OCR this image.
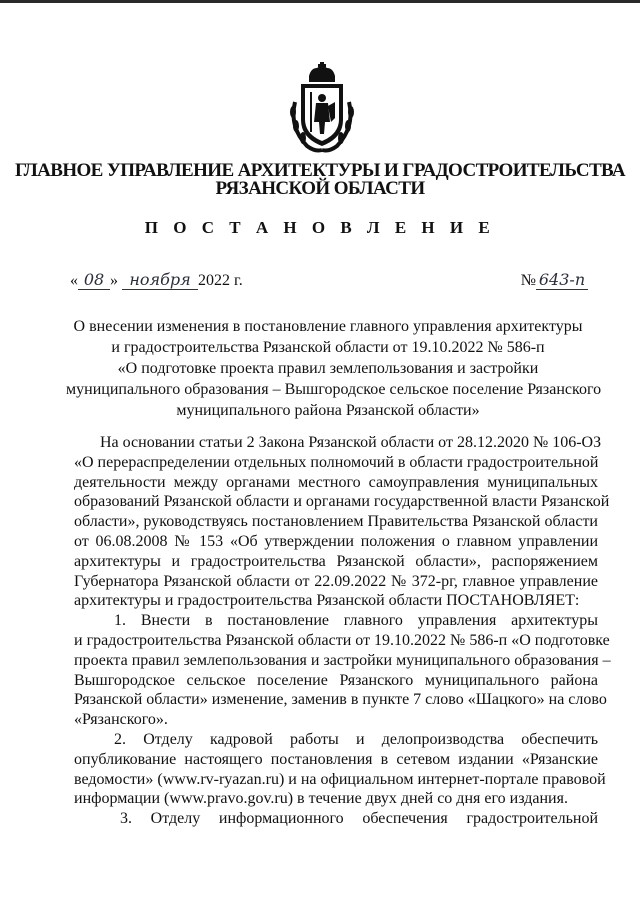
ГЛАВНОЕ УПРАВЛЕНИЕ АРХИТЕКТУРЫ И ГРАДОСТРОИТЕЛЬСТВА
РЯЗАНСКОЙ ОБЛАСТИ
П О С Т А Н О В Л Е Н И Е
« 08 » ноября 2022 г.	№ 643-п
О внесении изменения в постановление главного управления архитектуры
и градостроительства Рязанской области от 19.10.2022 № 586-п
«О подготовке проекта правил землепользования и застройки
муниципального образования – Вышгородское сельское поселение Рязанского
муниципального района Рязанской области»
На основании статьи 2 Закона Рязанской области от 28.12.2020 № 106-ОЗ
«О перераспределении отдельных полномочий в области градостроительной
деятельности между органами местного самоуправления муниципальных
образований Рязанской области и органами государственной власти Рязанской
области», руководствуясь постановлением Правительства Рязанской области
от 06.08.2008 № 153 «Об утверждении положения о главном управлении
архитектуры и градостроительства Рязанской области», распоряжением
Губернатора Рязанской области от 22.09.2022 № 372-рг, главное управление
архитектуры и градостроительства Рязанской области ПОСТАНОВЛЯЕТ:
1. Внести в постановление главного управления архитектуры
и градостроительства Рязанской области от 19.10.2022 № 586-п «О подготовке
проекта правил землепользования и застройки муниципального образования –
Вышгородское сельское поселение Рязанского муниципального района
Рязанской области» изменение, заменив в пункте 7 слово «Шацкого» на слово
«Рязанского».
2. Отделу кадровой работы и делопроизводства обеспечить
опубликование настоящего постановления в сетевом издании «Рязанские
ведомости» (www.rv-ryazan.ru) и на официальном интернет-портале правовой
информации (www.pravo.gov.ru) в течение двух дней со дня его издания.
3. Отделу информационного обеспечения градостроительной
